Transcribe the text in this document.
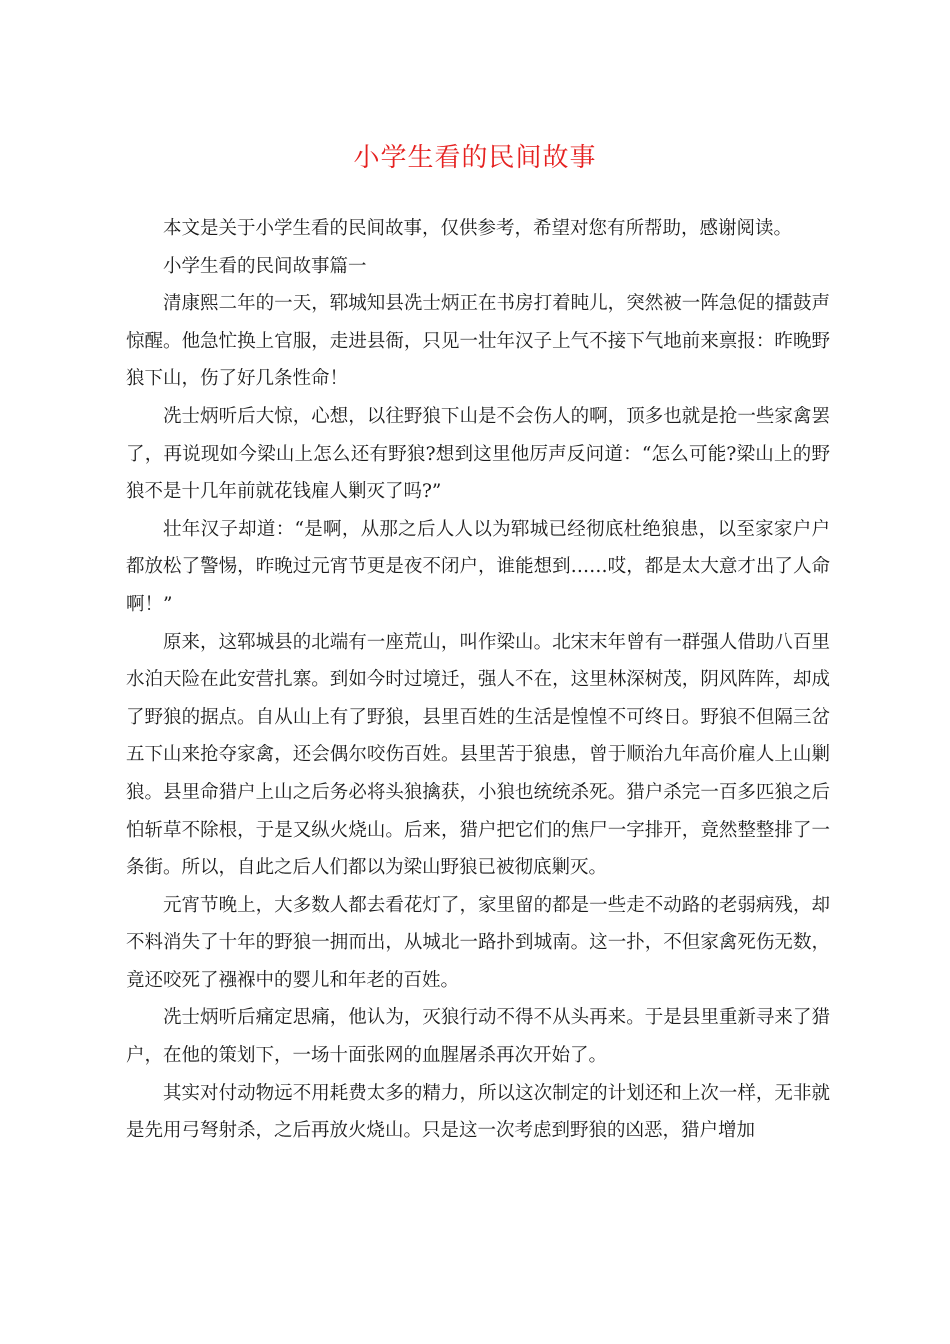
小学生看的民间故事

本文是关于小学生看的民间故事，仅供参考，希望对您有所帮助，感谢阅读。

小学生看的民间故事篇一

清康熙二年的一天，郓城知县冼士炳正在书房打着盹儿，突然被一阵急促的擂鼓声惊醒。他急忙换上官服，走进县衙，只见一壮年汉子上气不接下气地前来禀报：昨晚野狼下山，伤了好几条性命！

冼士炳听后大惊，心想，以往野狼下山是不会伤人的啊，顶多也就是抢一些家禽罢了，再说现如今梁山上怎么还有野狼?想到这里他厉声反问道：“怎么可能?梁山上的野狼不是十几年前就花钱雇人剿灭了吗?”

壮年汉子却道：“是啊，从那之后人人以为郓城已经彻底杜绝狼患，以至家家户户都放松了警惕，昨晚过元宵节更是夜不闭户，谁能想到……哎，都是太大意才出了人命啊！”

原来，这郓城县的北端有一座荒山，叫作梁山。北宋末年曾有一群强人借助八百里水泊天险在此安营扎寨。到如今时过境迁，强人不在，这里林深树茂，阴风阵阵，却成了野狼的据点。自从山上有了野狼，县里百姓的生活是惶惶不可终日。野狼不但隔三岔五下山来抢夺家禽，还会偶尔咬伤百姓。县里苦于狼患，曾于顺治九年高价雇人上山剿狼。县里命猎户上山之后务必将头狼擒获，小狼也统统杀死。猎户杀完一百多匹狼之后怕斩草不除根，于是又纵火烧山。后来，猎户把它们的焦尸一字排开，竟然整整排了一条街。所以，自此之后人们都以为梁山野狼已被彻底剿灭。

元宵节晚上，大多数人都去看花灯了，家里留的都是一些走不动路的老弱病残，却不料消失了十年的野狼一拥而出，从城北一路扑到城南。这一扑，不但家禽死伤无数，竟还咬死了襁褓中的婴儿和年老的百姓。

冼士炳听后痛定思痛，他认为，灭狼行动不得不从头再来。于是县里重新寻来了猎户，在他的策划下，一场十面张网的血腥屠杀再次开始了。

其实对付动物远不用耗费太多的精力，所以这次制定的计划还和上次一样，无非就是先用弓弩射杀，之后再放火烧山。只是这一次考虑到野狼的凶恶，猎户增加
